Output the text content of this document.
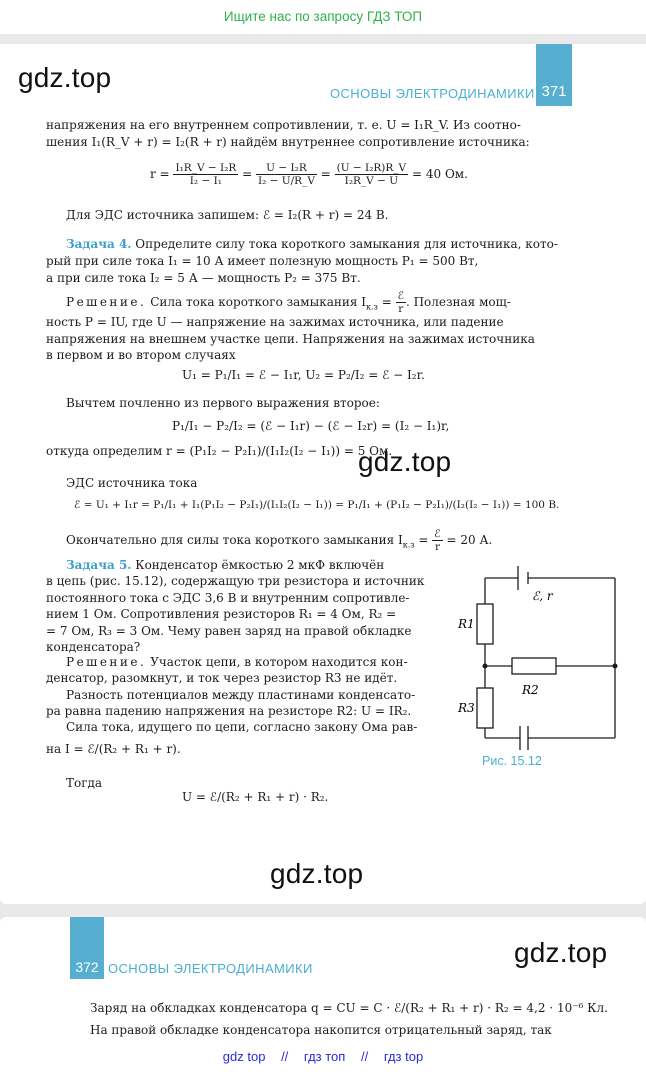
Ищите нас по запросу ГДЗ ТОП
gdz.top
ОСНОВЫ ЭЛЕКТРОДИНАМИКИ 371
напряжения на его внутреннем сопротивлении, т. е. U = I₁R_V. Из соотно-
шения I₁(R_V + r) = I₂(R + r) найдём внутреннее сопротивление источника:
$r = \frac{\text{I₁R\_V − I₂R}}{\text{I₂ − I₁}} = \frac{\text{U − I₂R}}{\text{I₂ − U/R\_V}} = \frac{\text{(U − I₂R)R\_V}}{\text{I₂R\_V − U}} = 40$ Ом.
Для ЭДС источника запишем: ℰ = I₂(R + r) = 24 В.
Задача 4. Определите силу тока короткого замыкания для источника, кото-
рый при силе тока I₁ = 10 А имеет полезную мощность P₁ = 500 Вт,
а при силе тока I₂ = 5 А — мощность P₂ = 375 Вт.
Решение. Сила тока короткого замыкания $I_{к.з}$ = ℰ
r . Полезная мощ-
ность P = IU, где U — напряжение на зажимах источника, или падение
напряжения на внешнем участке цепи. Напряжения на зажимах источника
в первом и во втором случаях
U₁ = P₁/I₁ = ℰ − I₁r, U₂ = P₂/I₂ = ℰ − I₂r.
Вычтем почленно из первого выражения второе:
P₁/I₁ − P₂/I₂ = (ℰ − I₁r) − (ℰ − I₂r) = (I₂ − I₁)r,
откуда определим r = (P₁I₂ − P₂I₁)/(I₁I₂(I₂ − I₁)) = 5 Ом.
gdz.top
ЭДС источника тока
ℰ = U₁ + I₁r = P₁/I₁ + I₁(P₁I₂ − P₂I₁)/(I₁I₂(I₂ − I₁)) = P₁/I₁ + (P₁I₂ − P₂I₁)/(I₂(I₂ − I₁)) = 100 В.
Окончательно для силы тока короткого замыкания $I_{к.з}$ = ℰ
r = 20 А.
Задача 5. Конденсатор ёмкостью 2 мкФ включён
в цепь (рис. 15.12), содержащую три резистора и источник
постоянного тока с ЭДС 3,6 В и внутренним сопротивле-
нием 1 Ом. Сопротивления резисторов R₁ = 4 Ом, R₂ =
= 7 Ом, R₃ = 3 Ом. Чему равен заряд на правой обкладке
конденсатора?
Решение. Участок цепи, в котором находится кон-
денсатор, разомкнут, и ток через резистор R3 не идёт.
Разность потенциалов между пластинами конденсато-
ра равна падению напряжения на резисторе R2: U = IR₂.
Сила тока, идущего по цепи, согласно закону Ома рав-
на I = ℰ/(R₂ + R₁ + r).
Тогда
U = ℰ/(R₂ + R₁ + r) · R₂.
R1
R3
R2
ℰ, r
Рис. 15.12
gdz.top
372 ОСНОВЫ ЭЛЕКТРОДИНАМИКИ
gdz.top
Заряд на обкладках конденсатора q = CU = C · ℰ/(R₂ + R₁ + r) · R₂ = 4,2 · 10⁻⁶ Кл.
На правой обкладке конденсатора накопится отрицательный заряд, так
gdz top // гдз топ // гдз top
